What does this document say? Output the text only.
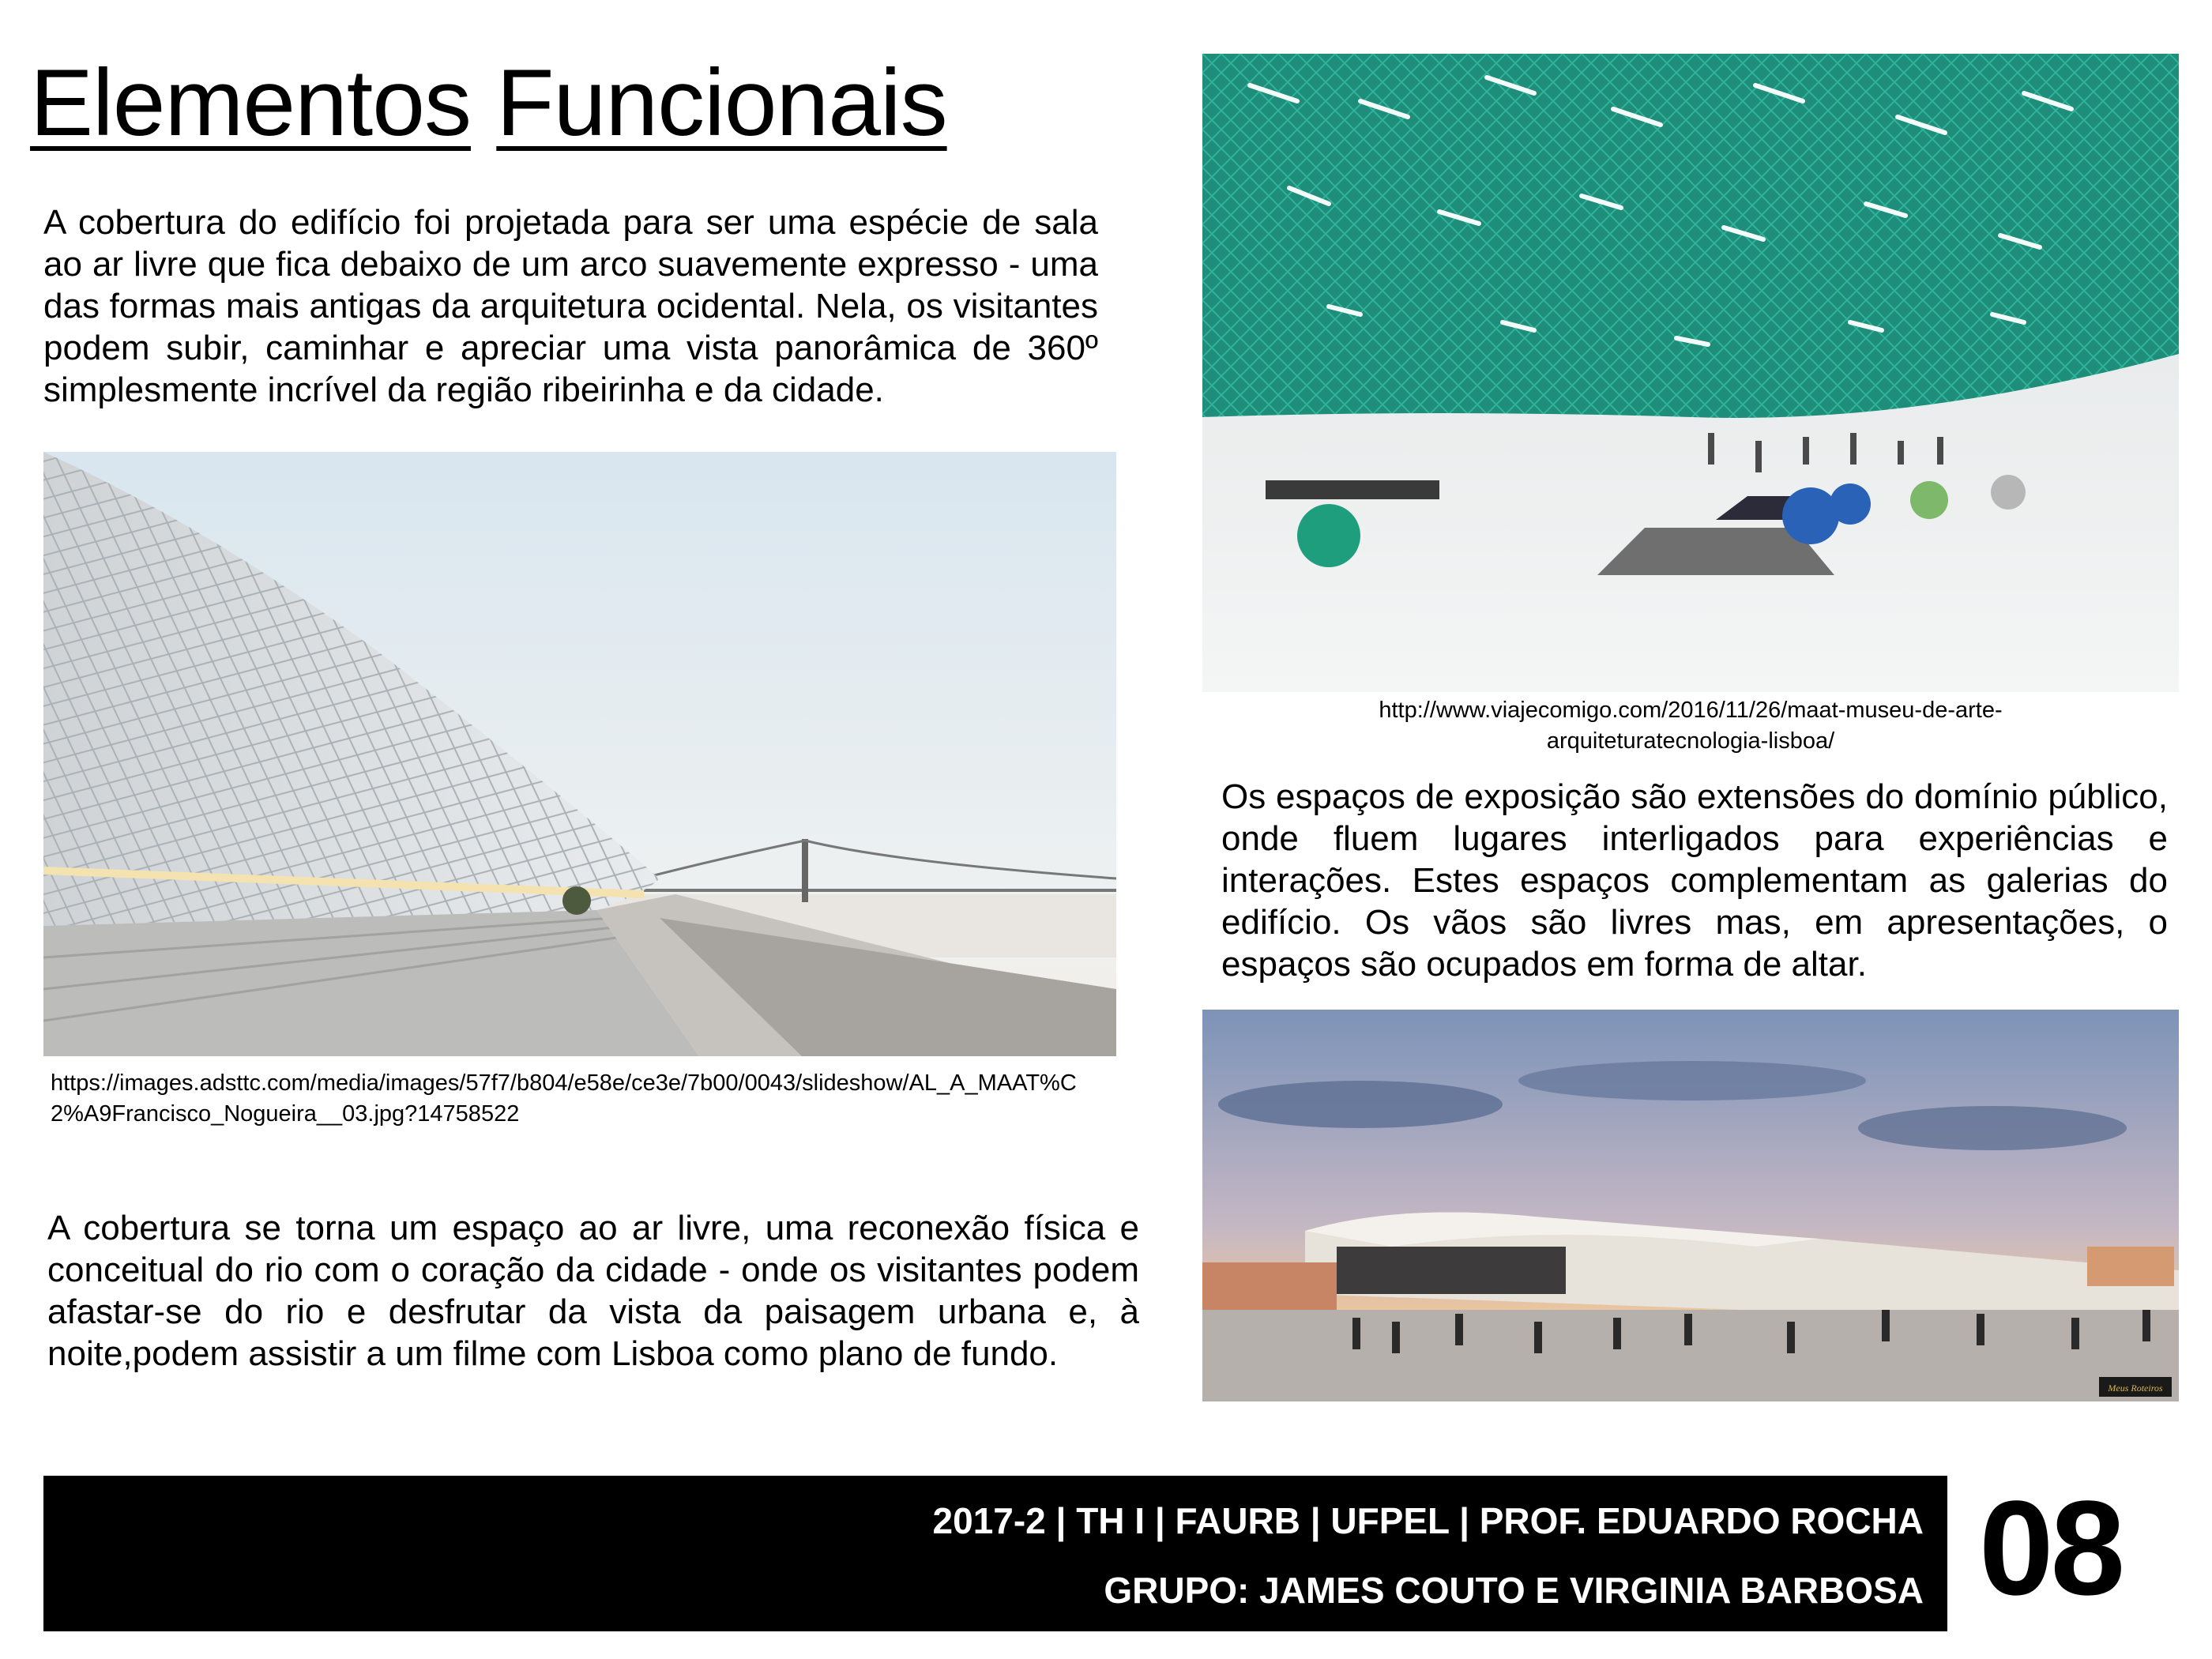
Elementos Funcionais

A cobertura do edifício foi projetada para ser uma espécie de sala ao ar livre que fica debaixo de um arco suavemente expresso - uma das formas mais antigas da arquitetura ocidental. Nela, os visitantes podem subir, caminhar e apreciar uma vista panorâmica de 360º simplesmente incrível da região ribeirinha e da cidade.

https://images.adsttc.com/media/images/57f7/b804/e58e/ce3e/7b00/0043/slideshow/AL_A_MAAT%C2%A9Francisco_Nogueira__03.jpg?14758522

A cobertura se torna um espaço ao ar livre, uma reconexão física e conceitual do rio com o coração da cidade - onde os visitantes podem afastar-se do rio e desfrutar da vista da paisagem urbana e, à noite,podem assistir a um filme com Lisboa como plano de fundo.

http://www.viajecomigo.com/2016/11/26/maat-museu-de-arte-
arquiteturatecnologia-lisboa/

Os espaços de exposição são extensões do domínio público, onde fluem lugares interligados para experiências e interações. Estes espaços complementam as galerias do edifício. Os vãos são livres mas, em apresentações, o espaços são ocupados em forma de altar.

Meus Roteiros
2017-2 | TH I | FAURB | UFPEL | PROF. EDUARDO ROCHA
GRUPO: JAMES COUTO E VIRGINIA BARBOSA 08
